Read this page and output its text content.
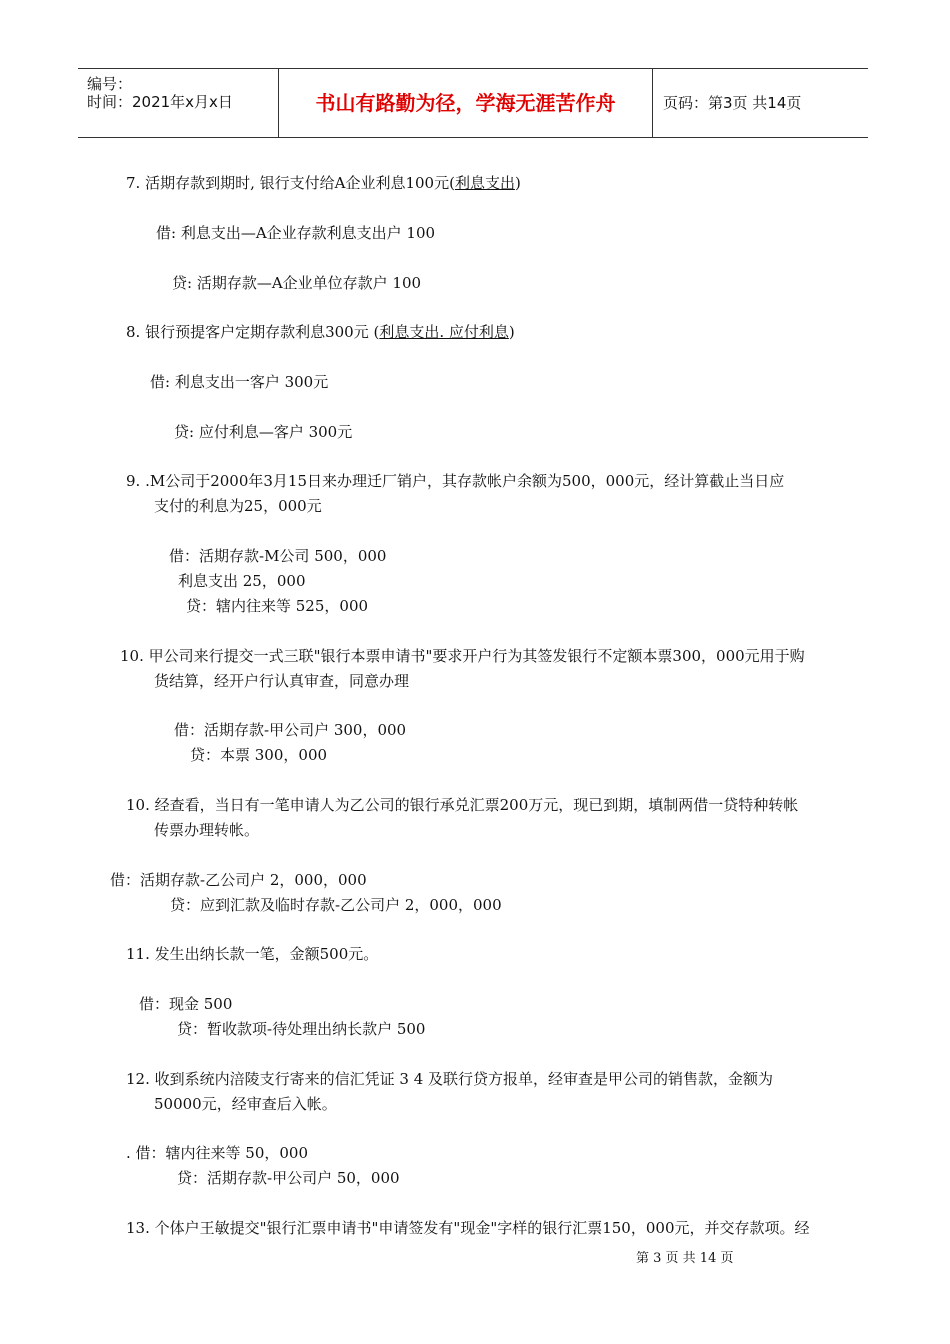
编号：
时间：2021年x月x日	书山有路勤为径，学海无涯苦作舟	页码：第3页 共14页
7. 活期存款到期时, 银行支付给A企业利息100元(利息支出)
借: 利息支出—A企业存款利息支出户 100
贷: 活期存款—A企业单位存款户 100
8. 银行预提客户定期存款利息300元 (利息支出. 应付利息)
借: 利息支出一客户 300元
贷: 应付利息—客户 300元
9. .M公司于2000年3月15日来办理迁厂销户，其存款帐户余额为500，000元，经计算截止当日应
支付的利息为25，000元
借：活期存款-M公司 500，000
利息支出 25，000
贷：辖内往来等 525，000
10. 甲公司来行提交一式三联"银行本票申请书"要求开户行为其签发银行不定额本票300，000元用于购
货结算，经开户行认真审查，同意办理
借：活期存款-甲公司户 300，000
贷：本票 300，000
10. 经查看，当日有一笔申请人为乙公司的银行承兑汇票200万元，现已到期，填制两借一贷特种转帐
传票办理转帐。
借：活期存款-乙公司户 2，000，000
贷：应到汇款及临时存款-乙公司户 2，000，000
11. 发生出纳长款一笔，金额500元。
借：现金 500
贷：暂收款项-待处理出纳长款户 500
12. 收到系统内涪陵支行寄来的信汇凭证 3 4 及联行贷方报单，经审查是甲公司的销售款，金额为
50000元，经审查后入帐。
. 借：辖内往来等 50，000
贷：活期存款-甲公司户 50，000
13. 个体户王敏提交"银行汇票申请书"申请签发有"现金"字样的银行汇票150，000元，并交存款项。经
第 3 页 共 14 页
